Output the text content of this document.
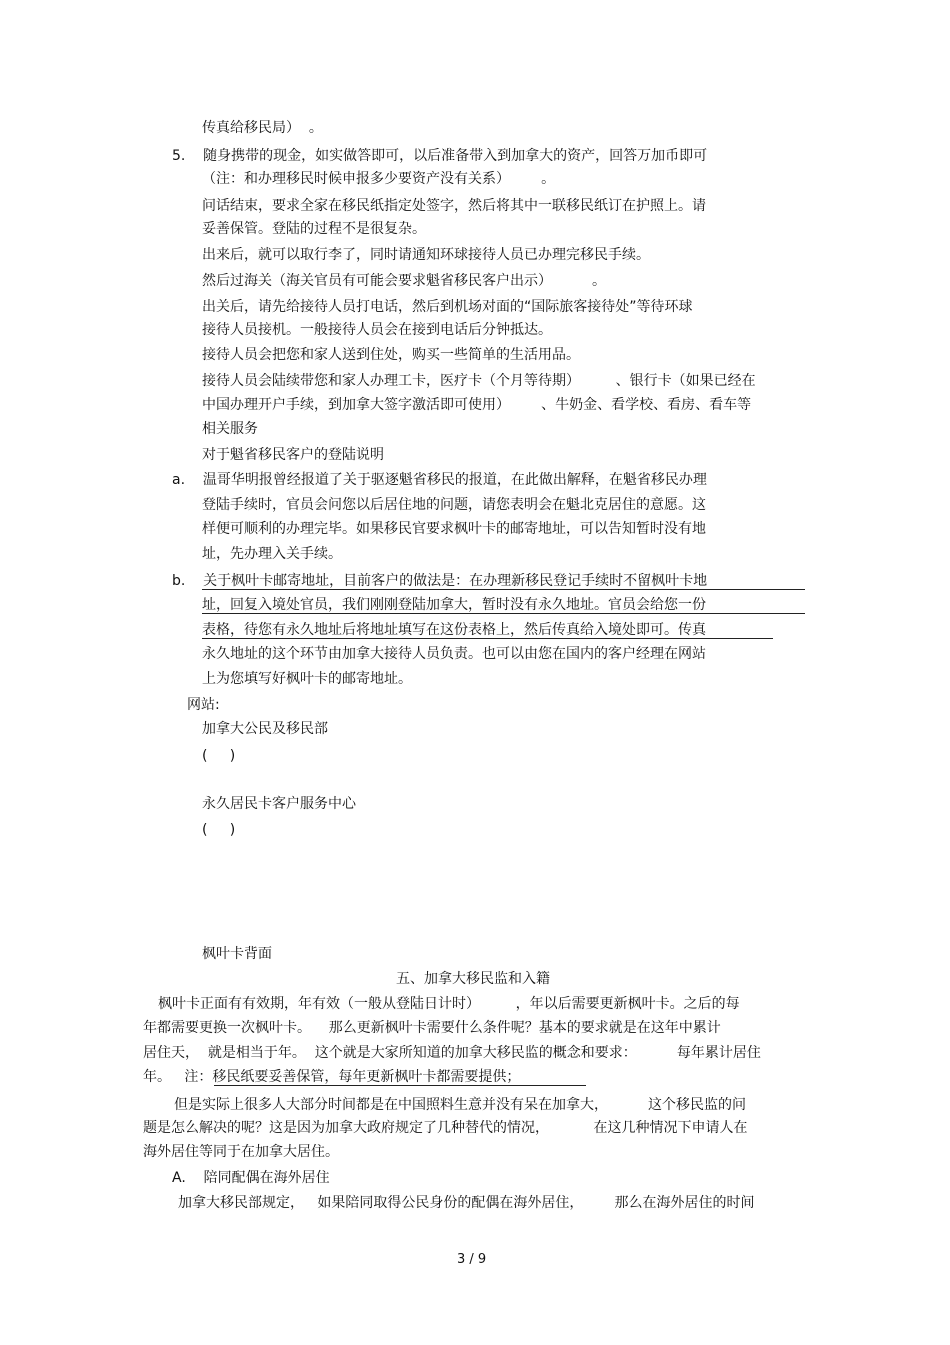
传真给移民局）  。
5.    随身携带的现金，如实做答即可，以后准备带入到加拿大的资产，回答万加币即可
（注：和办理移民时候申报多少要资产没有关系）       。
问话结束，要求全家在移民纸指定处签字，然后将其中一联移民纸订在护照上。请
妥善保管。登陆的过程不是很复杂。
出来后，就可以取行李了，同时请通知环球接待人员已办理完移民手续。
然后过海关（海关官员有可能会要求魁省移民客户出示）         。
出关后，请先给接待人员打电话，然后到机场对面的“国际旅客接待处”等待环球
接待人员接机。一般接待人员会在接到电话后分钟抵达。
接待人员会把您和家人送到住处，购买一些简单的生活用品。
接待人员会陆续带您和家人办理工卡，医疗卡（个月等待期）        、银行卡（如果已经在
中国办理开户手续，到加拿大签字激活即可使用）       、牛奶金、看学校、看房、看车等
相关服务
对于魁省移民客户的登陆说明
a.    温哥华明报曾经报道了关于驱逐魁省移民的报道，在此做出解释，在魁省移民办理
登陆手续时，官员会问您以后居住地的问题，请您表明会在魁北克居住的意愿。这
样便可顺利的办理完毕。如果移民官要求枫叶卡的邮寄地址，可以告知暂时没有地
址，先办理入关手续。
b.    关于枫叶卡邮寄地址，目前客户的做法是：在办理新移民登记手续时不留枫叶卡地
址，回复入境处官员，我们刚刚登陆加拿大，暂时没有永久地址。官员会给您一份
表格，待您有永久地址后将地址填写在这份表格上，然后传真给入境处即可。传真
永久地址的这个环节由加拿大接待人员负责。也可以由您在国内的客户经理在网站
上为您填写好枫叶卡的邮寄地址。
网站:
加拿大公民及移民部
(     )
永久居民卡客户服务中心
(     )
枫叶卡背面
五、加拿大移民监和入籍
枫叶卡正面有有效期，年有效（一般从登陆日计时）        ，年以后需要更新枫叶卡。之后的每
年都需要更换一次枫叶卡。    那么更新枫叶卡需要什么条件呢？基本的要求就是在这年中累计
居住天，  就是相当于年。  这个就是大家所知道的加拿大移民监的概念和要求：         每年累计居住
年。   注：移民纸要妥善保管，每年更新枫叶卡都需要提供；
但是实际上很多人大部分时间都是在中国照料生意并没有呆在加拿大，         这个移民监的问
题是怎么解决的呢？这是因为加拿大政府规定了几种替代的情况，          在这几种情况下申请人在
海外居住等同于在加拿大居住。
A.    陪同配偶在海外居住
加拿大移民部规定，   如果陪同取得公民身份的配偶在海外居住，       那么在海外居住的时间
3 / 9
